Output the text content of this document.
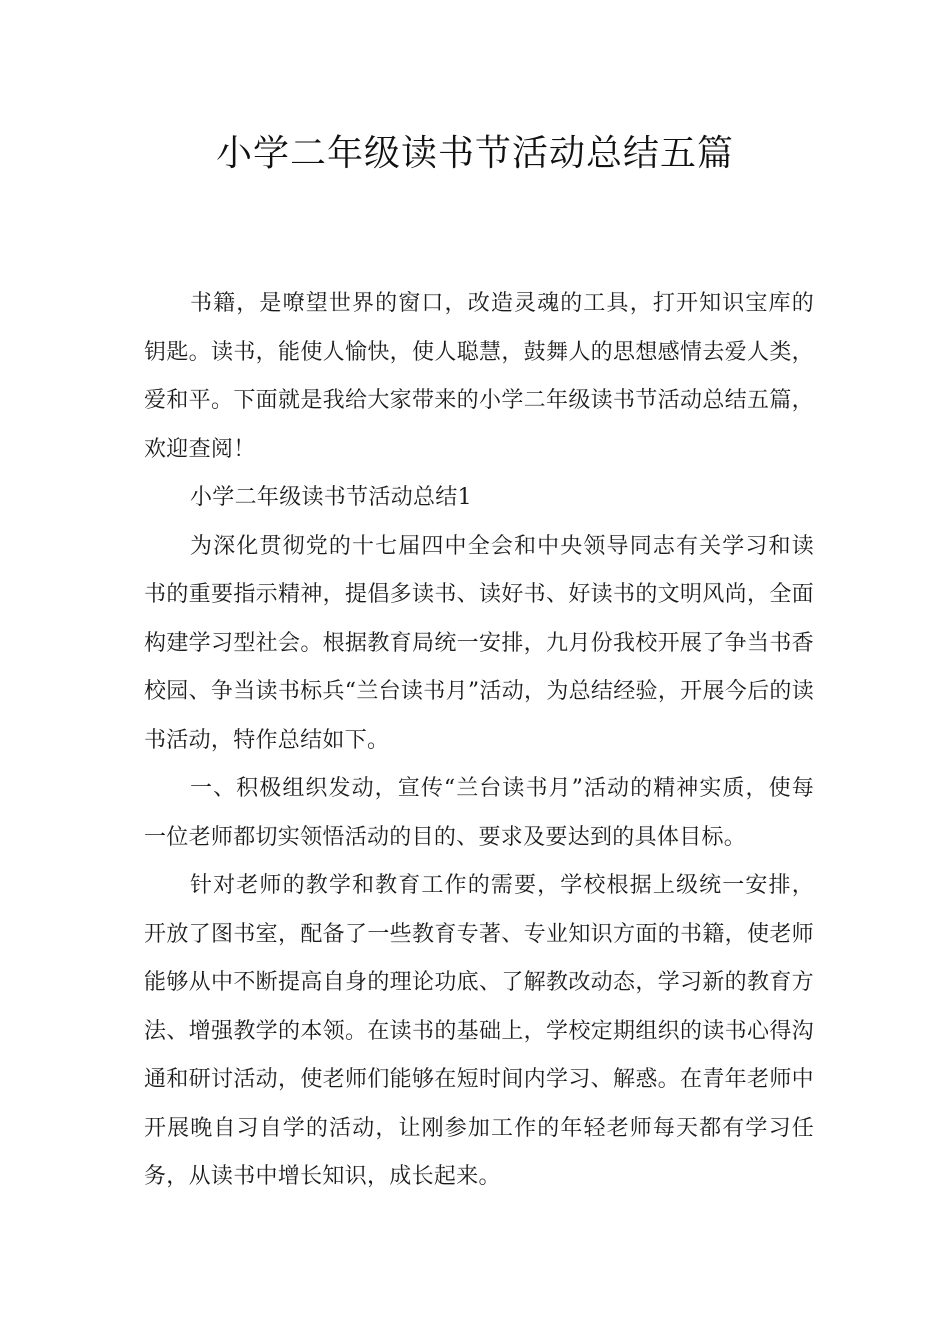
小学二年级读书节活动总结五篇

书籍，是嘹望世界的窗口，改造灵魂的工具，打开知识宝库的钥匙。读书，能使人愉快，使人聪慧，鼓舞人的思想感情去爱人类，爱和平。下面就是我给大家带来的小学二年级读书节活动总结五篇，欢迎查阅！

小学二年级读书节活动总结1

为深化贯彻党的十七届四中全会和中央领导同志有关学习和读书的重要指示精神，提倡多读书、读好书、好读书的文明风尚，全面构建学习型社会。根据教育局统一安排，九月份我校开展了争当书香校园、争当读书标兵“兰台读书月”活动，为总结经验，开展今后的读书活动，特作总结如下。

一、积极组织发动，宣传“兰台读书月”活动的精神实质，使每一位老师都切实领悟活动的目的、要求及要达到的具体目标。

针对老师的教学和教育工作的需要，学校根据上级统一安排，开放了图书室，配备了一些教育专著、专业知识方面的书籍，使老师能够从中不断提高自身的理论功底、了解教改动态，学习新的教育方法、增强教学的本领。在读书的基础上，学校定期组织的读书心得沟通和研讨活动，使老师们能够在短时间内学习、解惑。在青年老师中开展晚自习自学的活动，让刚参加工作的年轻老师每天都有学习任务，从读书中增长知识，成长起来。
